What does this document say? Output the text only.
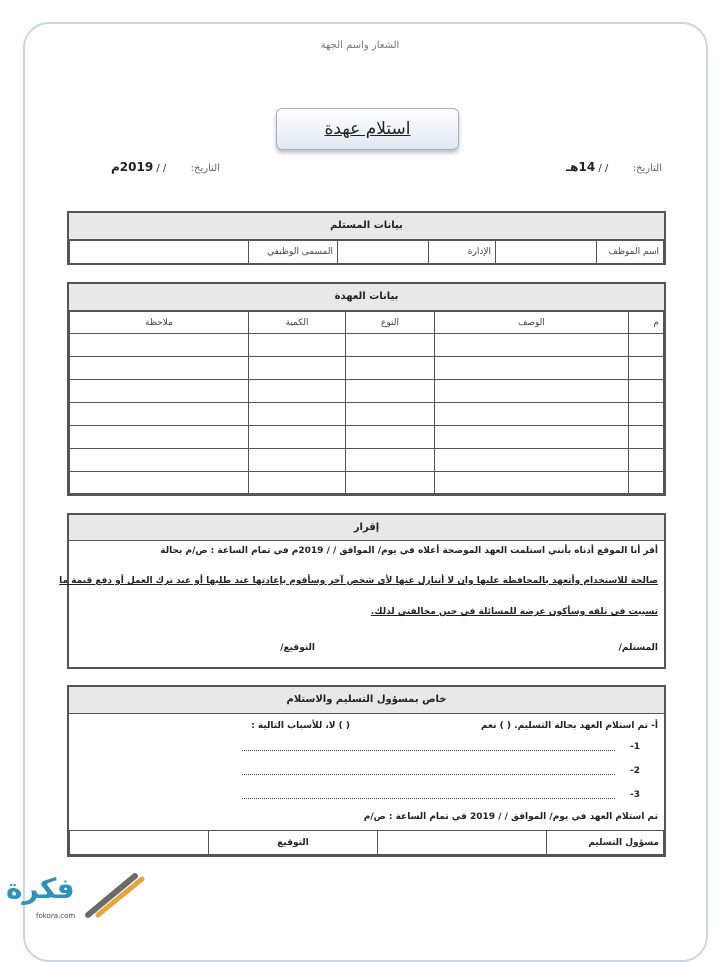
الشعار واسم الجهة
استلام عهدة
التاريخ:  / / 14هـ
التاريخ:  / / 2019م
بيانات المستلم
اسم الموظف		الإدارة		المسمى الوظيفي	
بيانات العهدة
م	الوصف	النوع	الكمية	ملاحظة

إقرار
أقر أنا الموقع أدناه بأنني استلمت العهد الموضحة أعلاه في يوم/ الموافق / / 2019م في تمام الساعة : ص/م بحالة
صالحة للاستخدام وأتعهد بالمحافظة عليها وان لا أتنازل عنها لأي شخص آخر وسأقوم بإعادتها عند طلبها أو عند ترك العمل أو دفع قيمة ما
تسببت في تلفه وسأكون عرضة للمسائلة في حين مخالفتي لذلك.
المستلم/
التوقيع/
خاص بمسؤول التسليم والاستلام
أ- تم استلام العهد بحالة التسليم. ( ) نعم
( ) لا، للأسباب التالية :
1-
2-
3-
تم استلام العهد في يوم/ الموافق / / 2019 في تمام الساعة : ص/م
مسؤول التسليم		التوقيع	
فكرة
fokora.com
